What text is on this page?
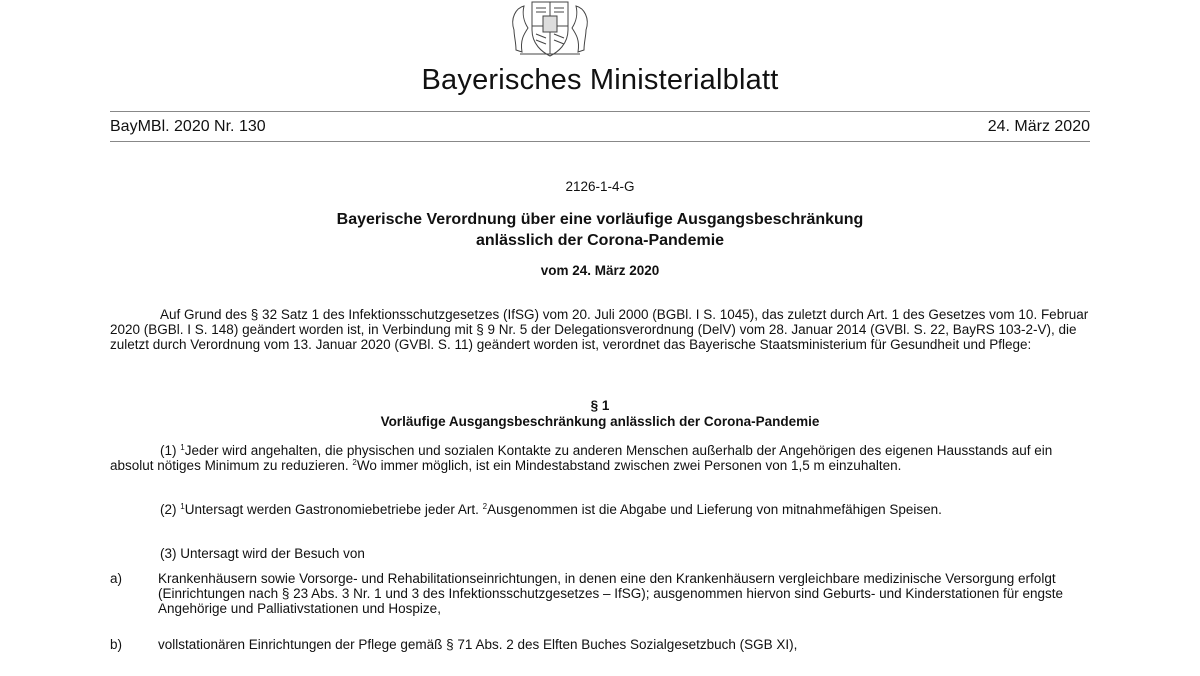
Bayerisches Ministerialblatt
BayMBl. 2020 Nr. 130	24. März 2020
2126-1-4-G
Bayerische Verordnung über eine vorläufige Ausgangsbeschränkung
anlässlich der Corona-Pandemie
vom 24. März 2020
Auf Grund des § 32 Satz 1 des Infektionsschutzgesetzes (IfSG) vom 20. Juli 2000 (BGBl. I S. 1045), das zuletzt durch Art. 1 des Gesetzes vom 10. Februar 2020 (BGBl. I S. 148) geändert worden ist, in Verbindung mit § 9 Nr. 5 der Delegationsverordnung (DelV) vom 28. Januar 2014 (GVBl. S. 22, BayRS 103-2-V), die zuletzt durch Verordnung vom 13. Januar 2020 (GVBl. S. 11) geändert worden ist, verordnet das Bayerische Staatsministerium für Gesundheit und Pflege:
§ 1
Vorläufige Ausgangsbeschränkung anlässlich der Corona-Pandemie
(1) $^1$Jeder wird angehalten, die physischen und sozialen Kontakte zu anderen Menschen außerhalb der Angehörigen des eigenen Hausstands auf ein absolut nötiges Minimum zu reduzieren. $^2$Wo immer möglich, ist ein Mindestabstand zwischen zwei Personen von 1,5 m einzuhalten.
(2) $^1$Untersagt werden Gastronomiebetriebe jeder Art. $^2$Ausgenommen ist die Abgabe und Lieferung von mitnahmefähigen Speisen.
(3) Untersagt wird der Besuch von
a)	Krankenhäusern sowie Vorsorge- und Rehabilitationseinrichtungen, in denen eine den Krankenhäusern vergleichbare medizinische Versorgung erfolgt (Einrichtungen nach § 23 Abs. 3 Nr. 1 und 3 des Infektionsschutzgesetzes – IfSG); ausgenommen hiervon sind Geburts- und Kinderstationen für engste Angehörige und Palliativstationen und Hospize,
b)	vollstationären Einrichtungen der Pflege gemäß § 71 Abs. 2 des Elften Buches Sozialgesetzbuch (SGB XI),
